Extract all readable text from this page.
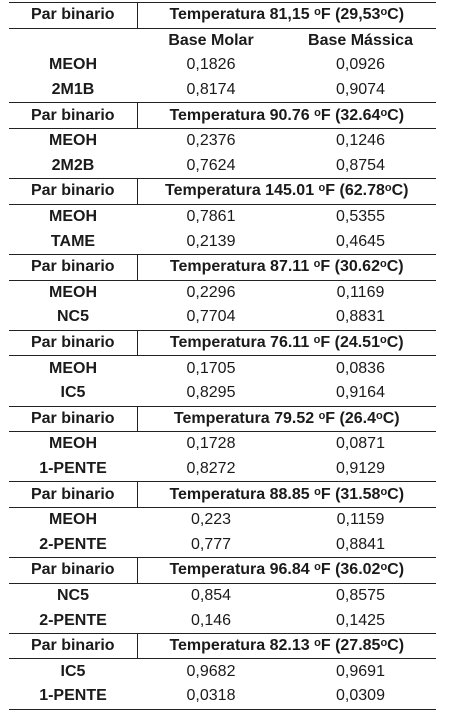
Par binario	Temperatura 81,15 $^o$F (29,53$^o$C)	
	Base Molar	Base Mássica
MEOH	0,1826	0,0926
2M1B	0,8174	0,9074
Par binario	Temperatura 90.76 $^o$F (32.64$^o$C)	
MEOH	0,2376	0,1246
2M2B	0,7624	0,8754
Par binario	Temperatura 145.01 $^o$F (62.78$^o$C)	
MEOH	0,7861	0,5355
TAME	0,2139	0,4645
Par binario	Temperatura 87.11 $^o$F (30.62$^o$C)	
MEOH	0,2296	0,1169
NC5	0,7704	0,8831
Par binario	Temperatura 76.11 $^o$F (24.51$^o$C)	
MEOH	0,1705	0,0836
IC5	0,8295	0,9164
Par binario	Temperatura 79.52 $^o$F (26.4$^o$C)	
MEOH	0,1728	0,0871
1-PENTE	0,8272	0,9129
Par binario	Temperatura 88.85 $^o$F (31.58$^o$C)	
MEOH	0,223	0,1159
2-PENTE	0,777	0,8841
Par binario	Temperatura 96.84 $^o$F (36.02$^o$C)	
NC5	0,854	0,8575
2-PENTE	0,146	0,1425
Par binario	Temperatura 82.13 $^o$F (27.85$^o$C)	
IC5	0,9682	0,9691
1-PENTE	0,0318	0,0309
